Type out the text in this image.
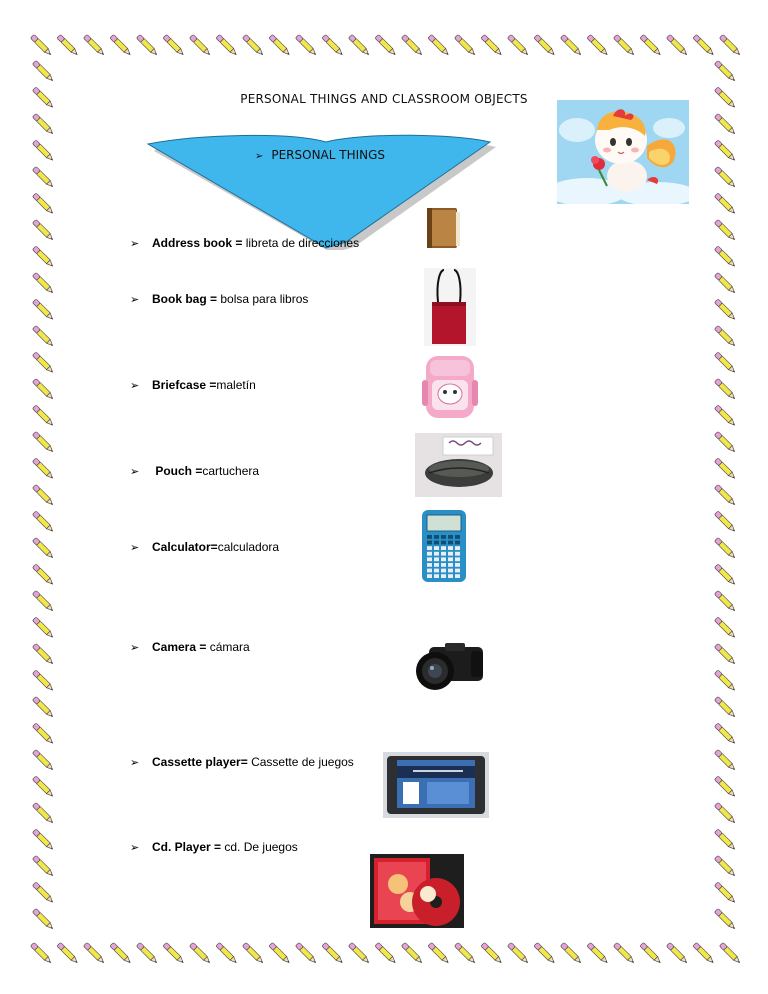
PERSONAL THINGS AND CLASSROOM OBJECTS
➢ PERSONAL THINGS
➢ Address book = libreta de direcciones
➢ Book bag = bolsa para libros
➢ Briefcase =maletín
➢ Pouch =cartuchera
➢ Calculator=calculadora
➢ Camera = cámara
➢ Cassette player= Cassette de juegos
➢ Cd. Player = cd. De juegos
